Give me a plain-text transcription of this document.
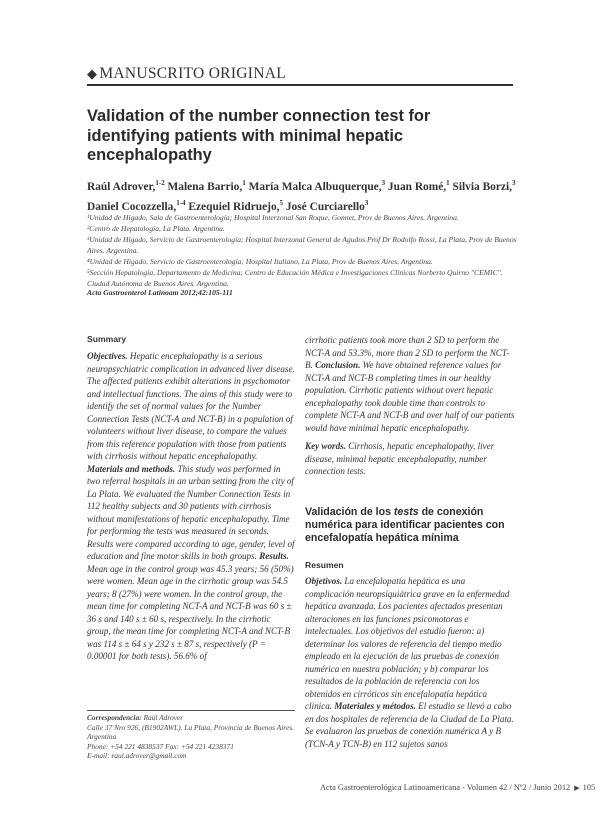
◆ MANUSCRITO ORIGINAL
Validation of the number connection test for identifying patients with minimal hepatic encephalopathy
Raúl Adrover,$^{1-2}$ Malena Barrio,$^1$ María Malca Albuquerque,$^3$ Juan Romé,$^1$ Silvia Borzi,$^3$ Daniel Cocozzella,$^{1-4}$ Ezequiel Ridruejo,$^5$ José Curciarello$^3$

¹Unidad de Hígado, Sala de Gastroenterología; Hospital Interzonal San Roque, Gonnet, Prov de Buenos Aires. Argentina.

²Centro de Hepatología, La Plata. Argentina.

³Unidad de Hígado, Servicio de Gastroenterología; Hospital Interzonal General de Agudos Prof Dr Rodolfo Rossi, La Plata, Prov de Buenos Aires. Argentina.

⁴Unidad de Hígado, Servicio de Gastroenterología; Hospital Italiano, La Plata, Prov de Buenos Aires. Argentina.

⁵Sección Hepatología, Departamento de Medicina; Centro de Educación Médica e Investigaciones Clínicas Norberto Quirno "CEMIC". Ciudad Autónoma de Buenos Aires. Argentina.

Acta Gastroenterol Latinoam 2012;42:105-111
Summary

Objectives. Hepatic encephalopathy is a serious neuropsychiatric complication in advanced liver disease. The affected patients exhibit alterations in psychomotor and intellectual functions. The aims of this study were to identify the set of normal values for the Number Connection Tests (NCT-A and NCT-B) in a population of volunteers without liver disease, to compare the values from this reference population with those from patients with cirrhosis without hepatic encephalopathy. Materials and methods. This study was performed in two referral hospitals in an urban setting from the city of La Plata. We evaluated the Number Connection Tests in 112 healthy subjects and 30 patients with cirrhosis without manifestations of hepatic encephalopathy. Time for performing the tests was measured in seconds. Results were compared according to age, gender, level of education and fine motor skills in both groups. Results. Mean age in the control group was 45.3 years; 56 (50%) were women. Mean age in the cirrhotic group was 54.5 years; 8 (27%) were women. In the control group, the mean time for completing NCT-A and NCT-B was 60 s ± 36 s and 140 s ± 60 s, respectively. In the cirrhotic group, the mean time for completing NCT-A and NCT-B was 114 s ± 64 s y 232 s ± 87 s, respectively (P = 0.00001 for both tests). 56.6% of

Correspondencia: Raúl Adrover

Calle 37 Nro 926, (B1902AWL). La Plata, Provincia de Buenos Aires. Argentina

Phone: +54 221 4838537 Fax: +54 221 4238371

E-mail: raul.adrover@gmail.com

cirrhotic patients took more than 2 SD to perform the NCT-A and 53.3%, more than 2 SD to perform the NCT-B. Conclusion. We have obtained reference values for NCT-A and NCT-B completing times in our healthy population. Cirrhotic patients without overt hepatic encephalopathy took double time than controls to complete NCT-A and NCT-B and over half of our patients would have minimal hepatic encephalopathy.

Key words. Cirrhosis, hepatic encephalopathy, liver disease, minimal hepatic encephalopathy, number connection tests.

Validación de los tests de conexión numérica para identificar pacientes con encefalopatía hepática mínima
Resumen

Objetivos. La encefalopatía hepática es una complicación neuropsiquiátrica grave en la enfermedad hepática avanzada. Los pacientes afectados presentan alteraciones en las funciones psicomotoras e intelectuales. Los objetivos del estudio fueron: a) determinar los valores de referencia del tiempo medio empleado en la ejecución de las pruebas de conexión numérica en nuestra población; y b) comparar los resultados de la población de referencia con los obtenidos en cirróticos sin encefalopatía hepática clínica. Materiales y métodos. El estudio se llevó a cabo en dos hospitales de referencia de la Ciudad de La Plata. Se evaluaron las pruebas de conexión numérica A y B (TCN-A y TCN-B) en 112 sujetos sanos

Acta Gastroenterológica Latinoamericana - Volumen 42 / Nº2 / Junio 2012 ▶ 105
